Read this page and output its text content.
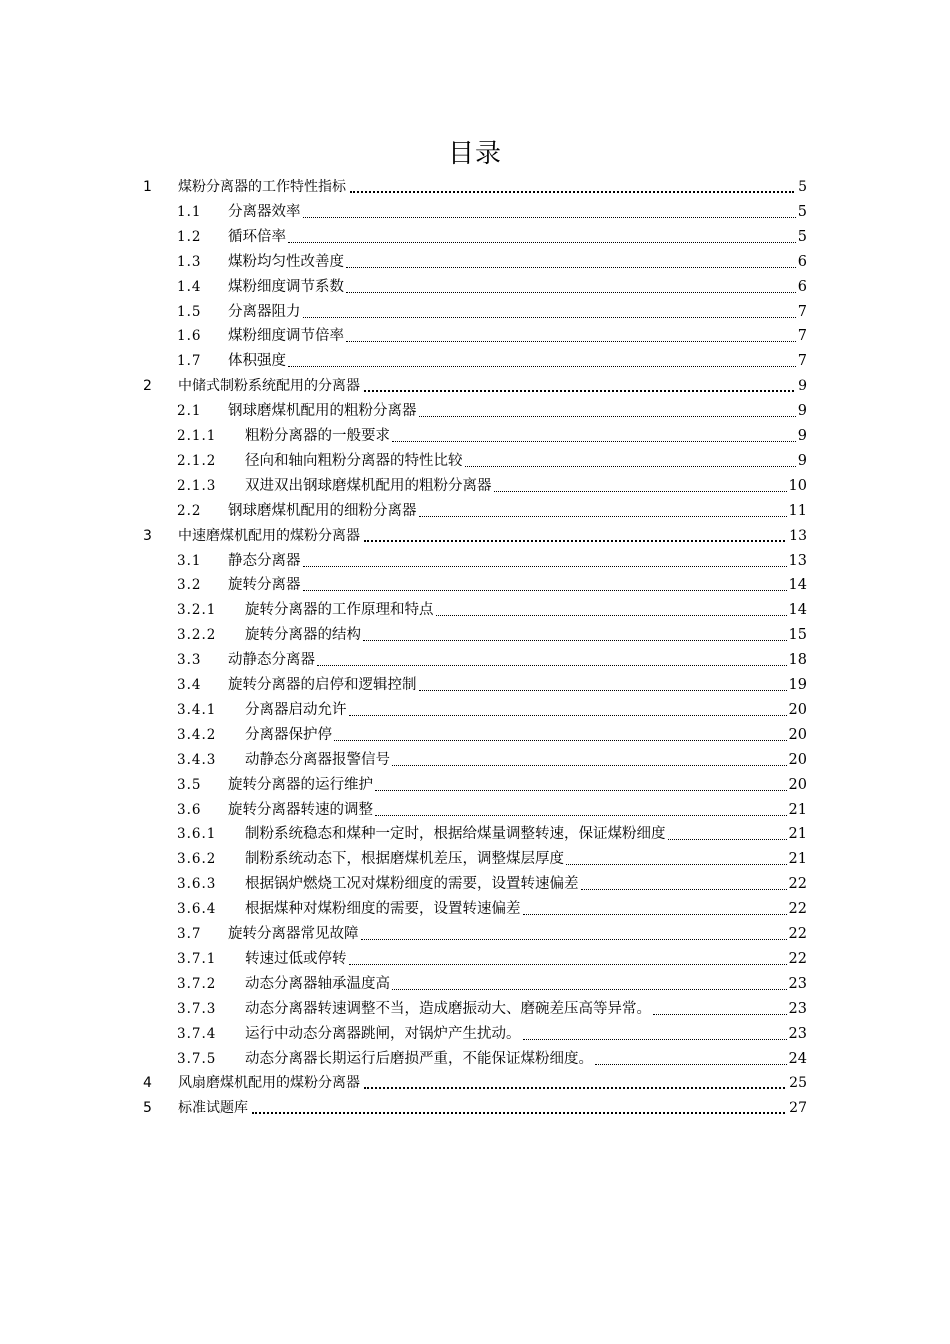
目录
1 煤粉分离器的工作特性指标	5
1.1 分离器效率	5
1.2 循环倍率	5
1.3 煤粉均匀性改善度	6
1.4 煤粉细度调节系数	6
1.5 分离器阻力	7
1.6 煤粉细度调节倍率	7
1.7 体积强度	7
2 中储式制粉系统配用的分离器	9
2.1 钢球磨煤机配用的粗粉分离器	9
2.1.1 粗粉分离器的一般要求	9
2.1.2 径向和轴向粗粉分离器的特性比较	9
2.1.3 双进双出钢球磨煤机配用的粗粉分离器	10
2.2 钢球磨煤机配用的细粉分离器	11
3 中速磨煤机配用的煤粉分离器	13
3.1 静态分离器	13
3.2 旋转分离器	14
3.2.1 旋转分离器的工作原理和特点	14
3.2.2 旋转分离器的结构	15
3.3 动静态分离器	18
3.4 旋转分离器的启停和逻辑控制	19
3.4.1 分离器启动允许	20
3.4.2 分离器保护停	20
3.4.3 动静态分离器报警信号	20
3.5 旋转分离器的运行维护	20
3.6 旋转分离器转速的调整	21
3.6.1 制粉系统稳态和煤种一定时，根据给煤量调整转速，保证煤粉细度	21
3.6.2 制粉系统动态下，根据磨煤机差压，调整煤层厚度	21
3.6.3 根据锅炉燃烧工况对煤粉细度的需要，设置转速偏差	22
3.6.4 根据煤种对煤粉细度的需要，设置转速偏差	22
3.7 旋转分离器常见故障	22
3.7.1 转速过低或停转	22
3.7.2 动态分离器轴承温度高	23
3.7.3 动态分离器转速调整不当，造成磨振动大、磨碗差压高等异常。	23
3.7.4 运行中动态分离器跳闸，对锅炉产生扰动。	23
3.7.5 动态分离器长期运行后磨损严重，不能保证煤粉细度。	24
4 风扇磨煤机配用的煤粉分离器	25
5 标准试题库	27
